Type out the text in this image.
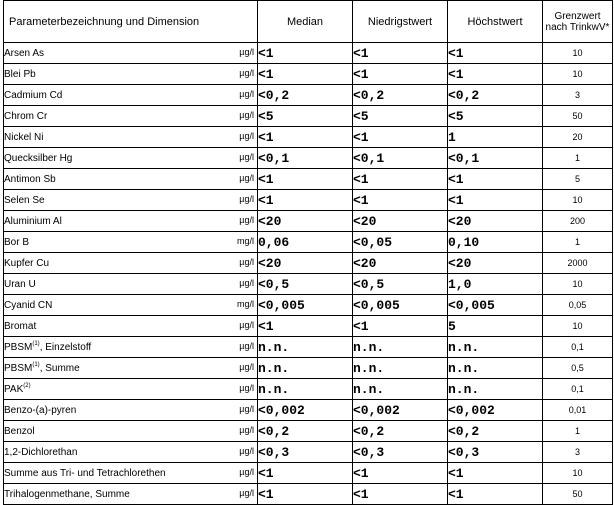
Parameterbezeichnung und Dimension	Median	Niedrigstwert	Höchstwert	Grenzwert nach TrinkwV*
Arsen As µg/l	<1	<1	<1	10
Blei Pb µg/l	<1	<1	<1	10
Cadmium Cd µg/l	<0,2	<0,2	<0,2	3
Chrom Cr µg/l	<5	<5	<5	50
Nickel Ni µg/l	<1	<1	1	20
Quecksilber Hg µg/l	<0,1	<0,1	<0,1	1
Antimon Sb µg/l	<1	<1	<1	5
Selen Se µg/l	<1	<1	<1	10
Aluminium Al µg/l	<20	<20	<20	200
Bor B mg/l	0,06	<0,05	0,10	1
Kupfer Cu µg/l	<20	<20	<20	2000
Uran U µg/l	<0,5	<0,5	1,0	10
Cyanid CN mg/l	<0,005	<0,005	<0,005	0,05
Bromat µg/l	<1	<1	5	10
PBSM$^{(1)}$, Einzelstoff µg/l	n.n.	n.n.	n.n.	0,1
PBSM$^{(1)}$, Summe µg/l	n.n.	n.n.	n.n.	0,5
PAK$^{(2)}$ µg/l	n.n.	n.n.	n.n.	0,1
Benzo-(a)-pyren µg/l	<0,002	<0,002	<0,002	0,01
Benzol µg/l	<0,2	<0,2	<0,2	1
1,2-Dichlorethan µg/l	<0,3	<0,3	<0,3	3
Summe aus Tri- und Tetrachlorethen µg/l	<1	<1	<1	10
Trihalogenmethane, Summe µg/l	<1	<1	<1	50
